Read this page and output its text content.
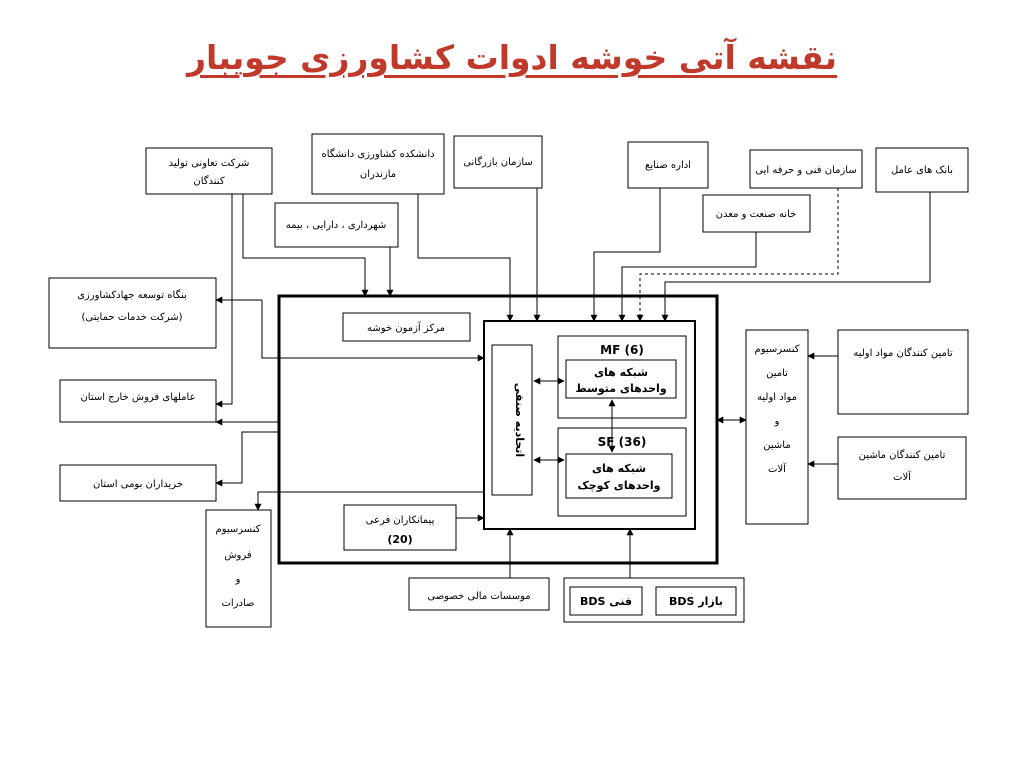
نقشه آتی خوشه ادوات کشاورزی جویبار
شرکت تعاونی تولید
کنندگان
دانشکده کشاورزی دانشگاه
مازندران
سازمان بازرگانی	اداره صنایع	سازمان فنی و حرفه ایی	بانک های عامل
شهرداری ، دارایی ، بیمه
خانه صنعت و معدن
بنگاه توسعه جهادکشاورزی
(شرکت خدمات حمایتی)
عاملهای فروش خارج استان
خریداران بومی استان
کنسرسیوم
فروش
و
صادرات
مرکز آزمون خوشه
پیمانکاران فرعی
(20)
اتحادیه صنفی
MF (6)
شبکه های
واحدهای متوسط
SF (36)
شبکه های
واحدهای کوچک
کنسرسیوم
تامین
مواد اولیه
و
ماشین
آلات
تامین کنندگان مواد اولیه
تامین کنندگان ماشین
آلات
موسسات مالی خصوصی	BDS فنی	BDS بازار
